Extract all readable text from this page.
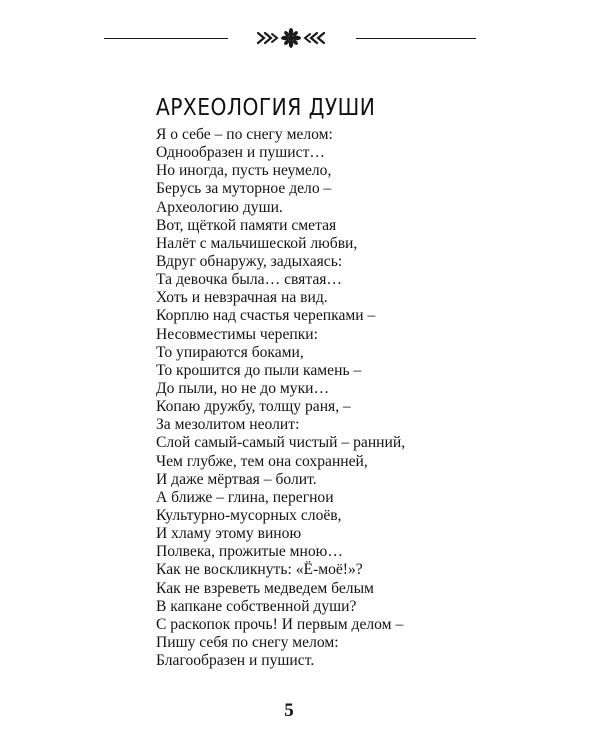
АРХЕОЛОГИЯ ДУШИ
Я о себе – по снегу мелом:
Однообразен и пушист…
Но иногда, пусть неумело,
Берусь за муторное дело –
Археологию души.
Вот, щёткой памяти сметая
Налёт с мальчишеской любви,
Вдруг обнаружу, задыхаясь:
Та девочка была… святая…
Хоть и невзрачная на вид.
Корплю над счастья черепками –
Несовместимы черепки:
То упираются боками,
То крошится до пыли камень –
До пыли, но не до муки…
Копаю дружбу, толщу раня, –
За мезолитом неолит:
Слой самый-самый чистый – ранний,
Чем глубже, тем она сохранней,
И даже мёртвая – болит.
А ближе – глина, перегнои
Культурно-мусорных слоёв,
И хламу этому виною
Полвека, прожитые мною…
Как не воскликнуть: «Ё-моё!»?
Как не взреветь медведем белым
В капкане собственной души?
С раскопок прочь! И первым делом –
Пишу себя по снегу мелом:
Благообразен и пушист.
5
